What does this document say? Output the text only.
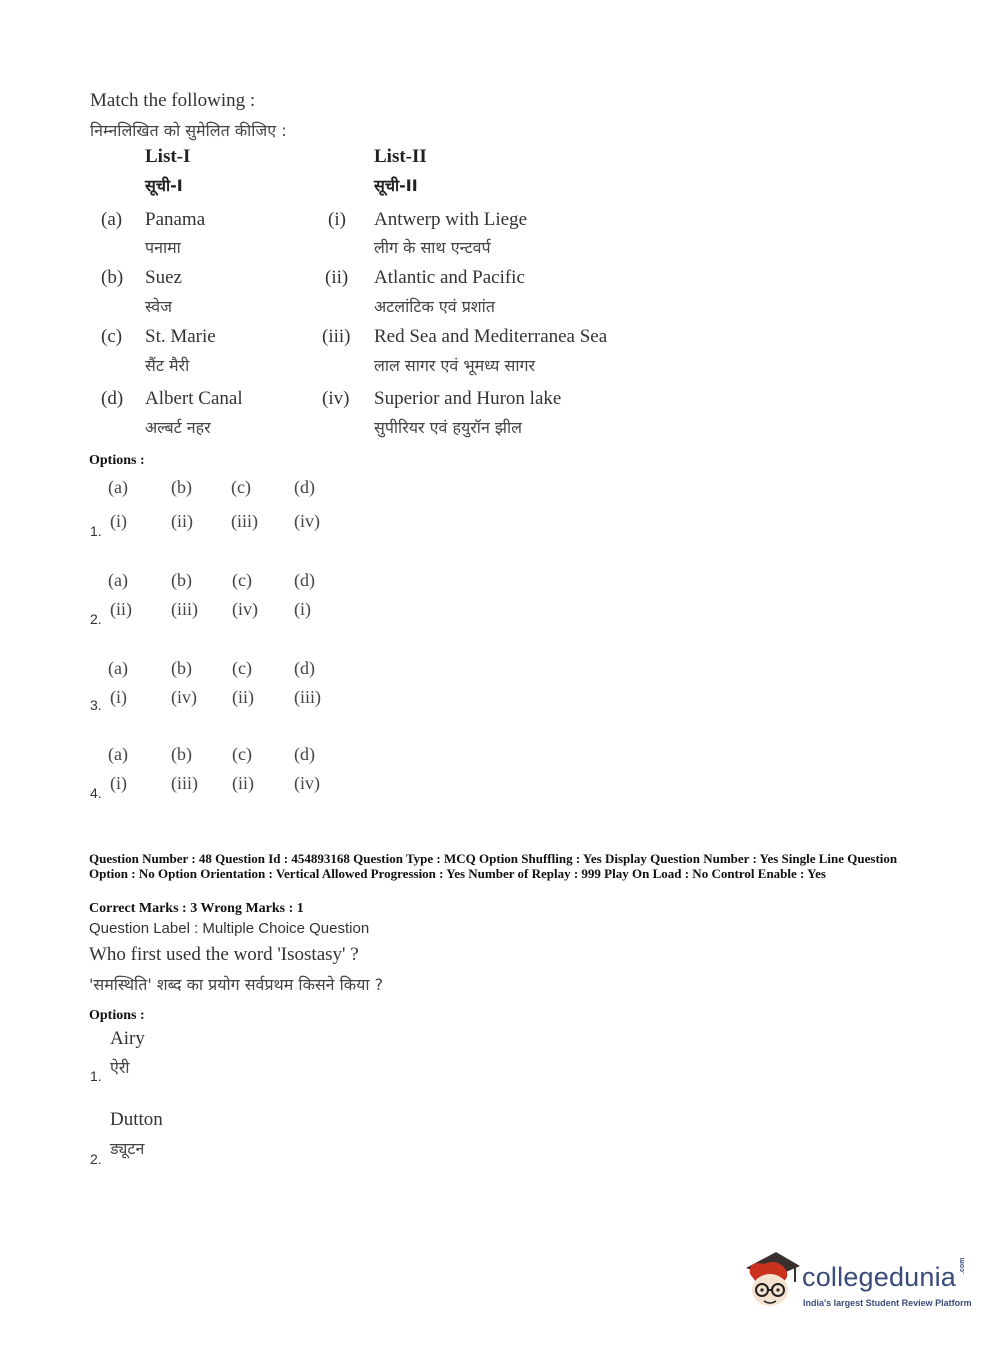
Match the following :
निम्नलिखित को सुमेलित कीजिए :
List-I
सूची-I
List-II
सूची-II
(a) Panama
पनामा
(i) Antwerp with Liege
लीग के साथ एन्टवर्प
(b) Suez
स्वेज
(ii) Atlantic and Pacific
अटलांटिक एवं प्रशांत
(c) St. Marie
सैंट मैरी
(iii) Red Sea and Mediterranea Sea
लाल सागर एवं भूमध्य सागर
(d) Albert Canal
अल्बर्ट नहर
(iv) Superior and Huron lake
सुपीरियर एवं हयुरॉन झील
Options :
(a) (b) (c) (d)
(i) (ii) (iii) (iv)
1.
(a) (b) (c) (d)
(ii) (iii) (iv) (i)
2.
(a) (b) (c) (d)
(i) (iv) (ii) (iii)
3.
(a) (b) (c) (d)
(i) (iii) (ii) (iv)
4.
Question Number : 48 Question Id : 454893168 Question Type : MCQ Option Shuffling : Yes Display Question Number : Yes Single Line Question Option : No Option Orientation : Vertical Allowed Progression : Yes Number of Replay : 999 Play On Load : No Control Enable : Yes
Correct Marks : 3 Wrong Marks : 1
Question Label : Multiple Choice Question
Who first used the word 'Isostasy' ?
'समस्थिति' शब्द का प्रयोग सर्वप्रथम किसने किया ?
Options :
Airy
ऐरी
1.
Dutton
ड्यूटन
2.
collegedunia .com
India's largest Student Review Platform
